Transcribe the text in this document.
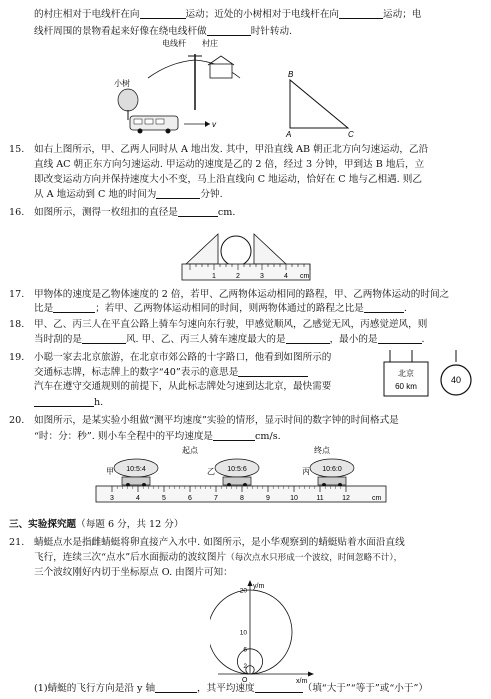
的村庄相对于电线杆在向	运动；近处的小树相对于电线杆在向	运动；电
线杆周围的景物看起来好像在绕电线杆做	时针转动.
电线杆 村庄
小树
v
B
A	C
15. 如右上图所示，甲、乙两人同时从 A 地出发. 其中，甲沿直线 AB 朝正北方向匀速运动，乙沿
直线 AC 朝正东方向匀速运动. 甲运动的速度是乙的 2 倍，经过 3 分钟，甲到达 B 地后，立
即改变运动方向并保持速度大小不变，马上沿直线向 C 地运动，恰好在 C 地与乙相遇. 则乙
从 A 地运动到 C 地的时间为	分钟.
16. 如图所示，测得一枚纽扣的直径是	cm.
1	2	3	4 cm
17. 甲物体的速度是乙物体速度的 2 倍，若甲、乙两物体运动相同的路程，甲、乙两物体运动的时间之
比是	；若甲、乙两物体运动相同的时间，则两物体通过的路程之比是	.
18. 甲、乙、丙三人在平直公路上骑车匀速向东行驶，甲感觉顺风，乙感觉无风，丙感觉逆风，则
当时刮的是	风. 甲、乙、丙三人骑车速度最大的是	，最小的是	.
19. 小聪一家去北京旅游，在北京市郊公路的十字路口，他看到如图所示的
交通标志牌，标志牌上的数字“40”表示的意思是
汽车在遵守交通规则的前提下，从此标志牌处匀速到达北京，最快需要
h.
北京
60 km
40
20. 如图所示，是某实验小组做“测平均速度”实验的情形，显示时间的数字钟的时间格式是
“时：分：秒”. 则小车全程中的平均速度是	cm/s.
起点	终点
甲 10:5:4	乙 10:5:6	丙 10:6:0
3	4	5	6	7	8	9	10	11	12	cm
三、实验探究题（每题 6 分，共 12 分）
21. 蜻蜓点水是指雌蜻蜓将卵直接产入水中. 如图所示，是小华观察到的蜻蜓贴着水面沿直线
飞行，连续三次“点水”后水面振动的波纹图片（每次点水只形成一个波纹，时间忽略不计），
三个波纹刚好内切于坐标原点 O. 由图片可知：
y/m
x/m
O
20
10
6
2
(1)蜻蜓的飞行方向是沿 y 轴	，其平均速度	（填“大于”“等于”或“小于”）
